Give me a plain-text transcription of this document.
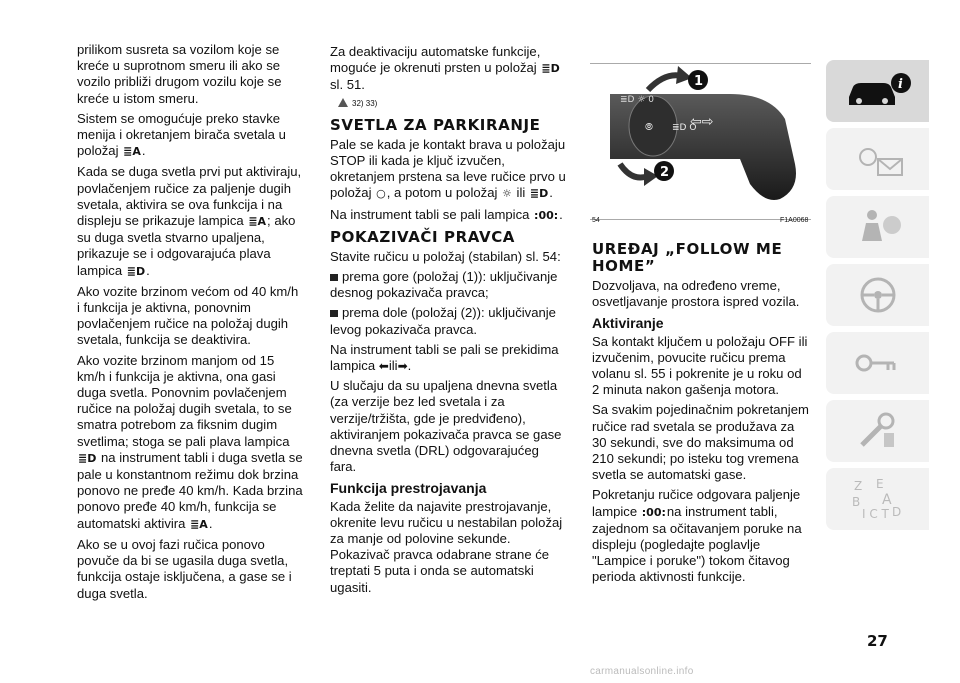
prilikom susreta sa vozilom koje se kreće u suprotnom smeru ili ako se vozilo približi drugom vozilu koje se kreće u istom smeru.

Sistem se omogućuje preko stavke menija i okretanjem birača svetala u položaj ≣A.

Kada se duga svetla prvi put aktiviraju, povlačenjem ručice za paljenje dugih svetala, aktivira se ova funkcija i na displeju se prikazuje lampica ≣A; ako su duga svetla stvarno upaljena, prikazuje se i odgovarajuća plava lampica ≣D.

Ako vozite brzinom većom od 40 km/h i funkcija je aktivna, ponovnim povlačenjem ručice na položaj dugih svetala, funkcija se deaktivira.

Ako vozite brzinom manjom od 15 km/h i funkcija je aktivna, ona gasi duga svetla. Ponovnim povlačenjem ručice na položaj dugih svetala, to se smatra potrebom za fiksnim dugim svetlima; stoga se pali plava lampica ≣D na instrument tabli i duga svetla se pale u konstantnom režimu dok brzina ponovo ne pređe 40 km/h. Kada brzina ponovo pređe 40 km/h, funkcija se automatski aktivira ≣A.

Ako se u ovoj fazi ručica ponovo povuče da bi se ugasila duga svetla, funkcija ostaje isključena, a gase se i duga svetla.

Za deaktivaciju automatske funkcije, moguće je okrenuti prsten u položaj ≣D sl. 51.

32) 33)
SVETLA ZA PARKIRANJE

Pale se kada je kontakt brava u položaju STOP ili kada je ključ izvučen, okretanjem prstena sa leve ručice prvo u položaj ○, a potom u položaj ☼ ili ≣D.

Na instrument tabli se pali lampica :00:.

POKAZIVAČI PRAVCA

Stavite ručicu u položaj (stabilan) sl. 54:

prema gore (položaj (1)): uključivanje desnog pokazivača pravca;

prema dole (položaj (2)): uključivanje levog pokazivača pravca.

Na instrument tabli se pali se prekidima lampica ⬅ili➡.

U slučaju da su upaljena dnevna svetla (za verzije bez led svetala i za verzije/tržišta, gde je predviđeno), aktiviranjem pokazivača pravca se gase dnevna svetla (DRL) odgovarajućeg fara.

Funkcija prestrojavanja

Kada želite da najavite prestrojavanje, okrenite levu ručicu u nestabilan položaj za manje od polovine sekunde. Pokazivač pravca odabrane strane će treptati 5 puta i onda se automatski ugasiti.

≣D ☼ 0
⦾ ≣D O
⇦⇨
1
2
54	F1A0068
UREĐAJ „FOLLOW ME HOME”

Dozvoljava, na određeno vreme, osvetljavanje prostora ispred vozila.

Aktiviranje

Sa kontakt ključem u položaju OFF ili izvučenim, povucite ručicu prema volanu sl. 55 i pokrenite je u roku od 2 minuta nakon gašenja motora.

Sa svakim pojedinačnim pokretanjem ručice rad svetala se produžava za 30 sekundi, sve do maksimuma od 210 sekundi; po isteku tog vremena svetla se automatski gase.

Pokretanju ručice odgovara paljenje lampice :00:na instrument tabli, zajednom sa očitavanjem poruke na displeju (pogledajte poglavlje "Lampice i poruke") tokom čitavog perioda aktivnosti funkcije.

i
Z E
B A
I C T D
27
carmanualsonline.info
